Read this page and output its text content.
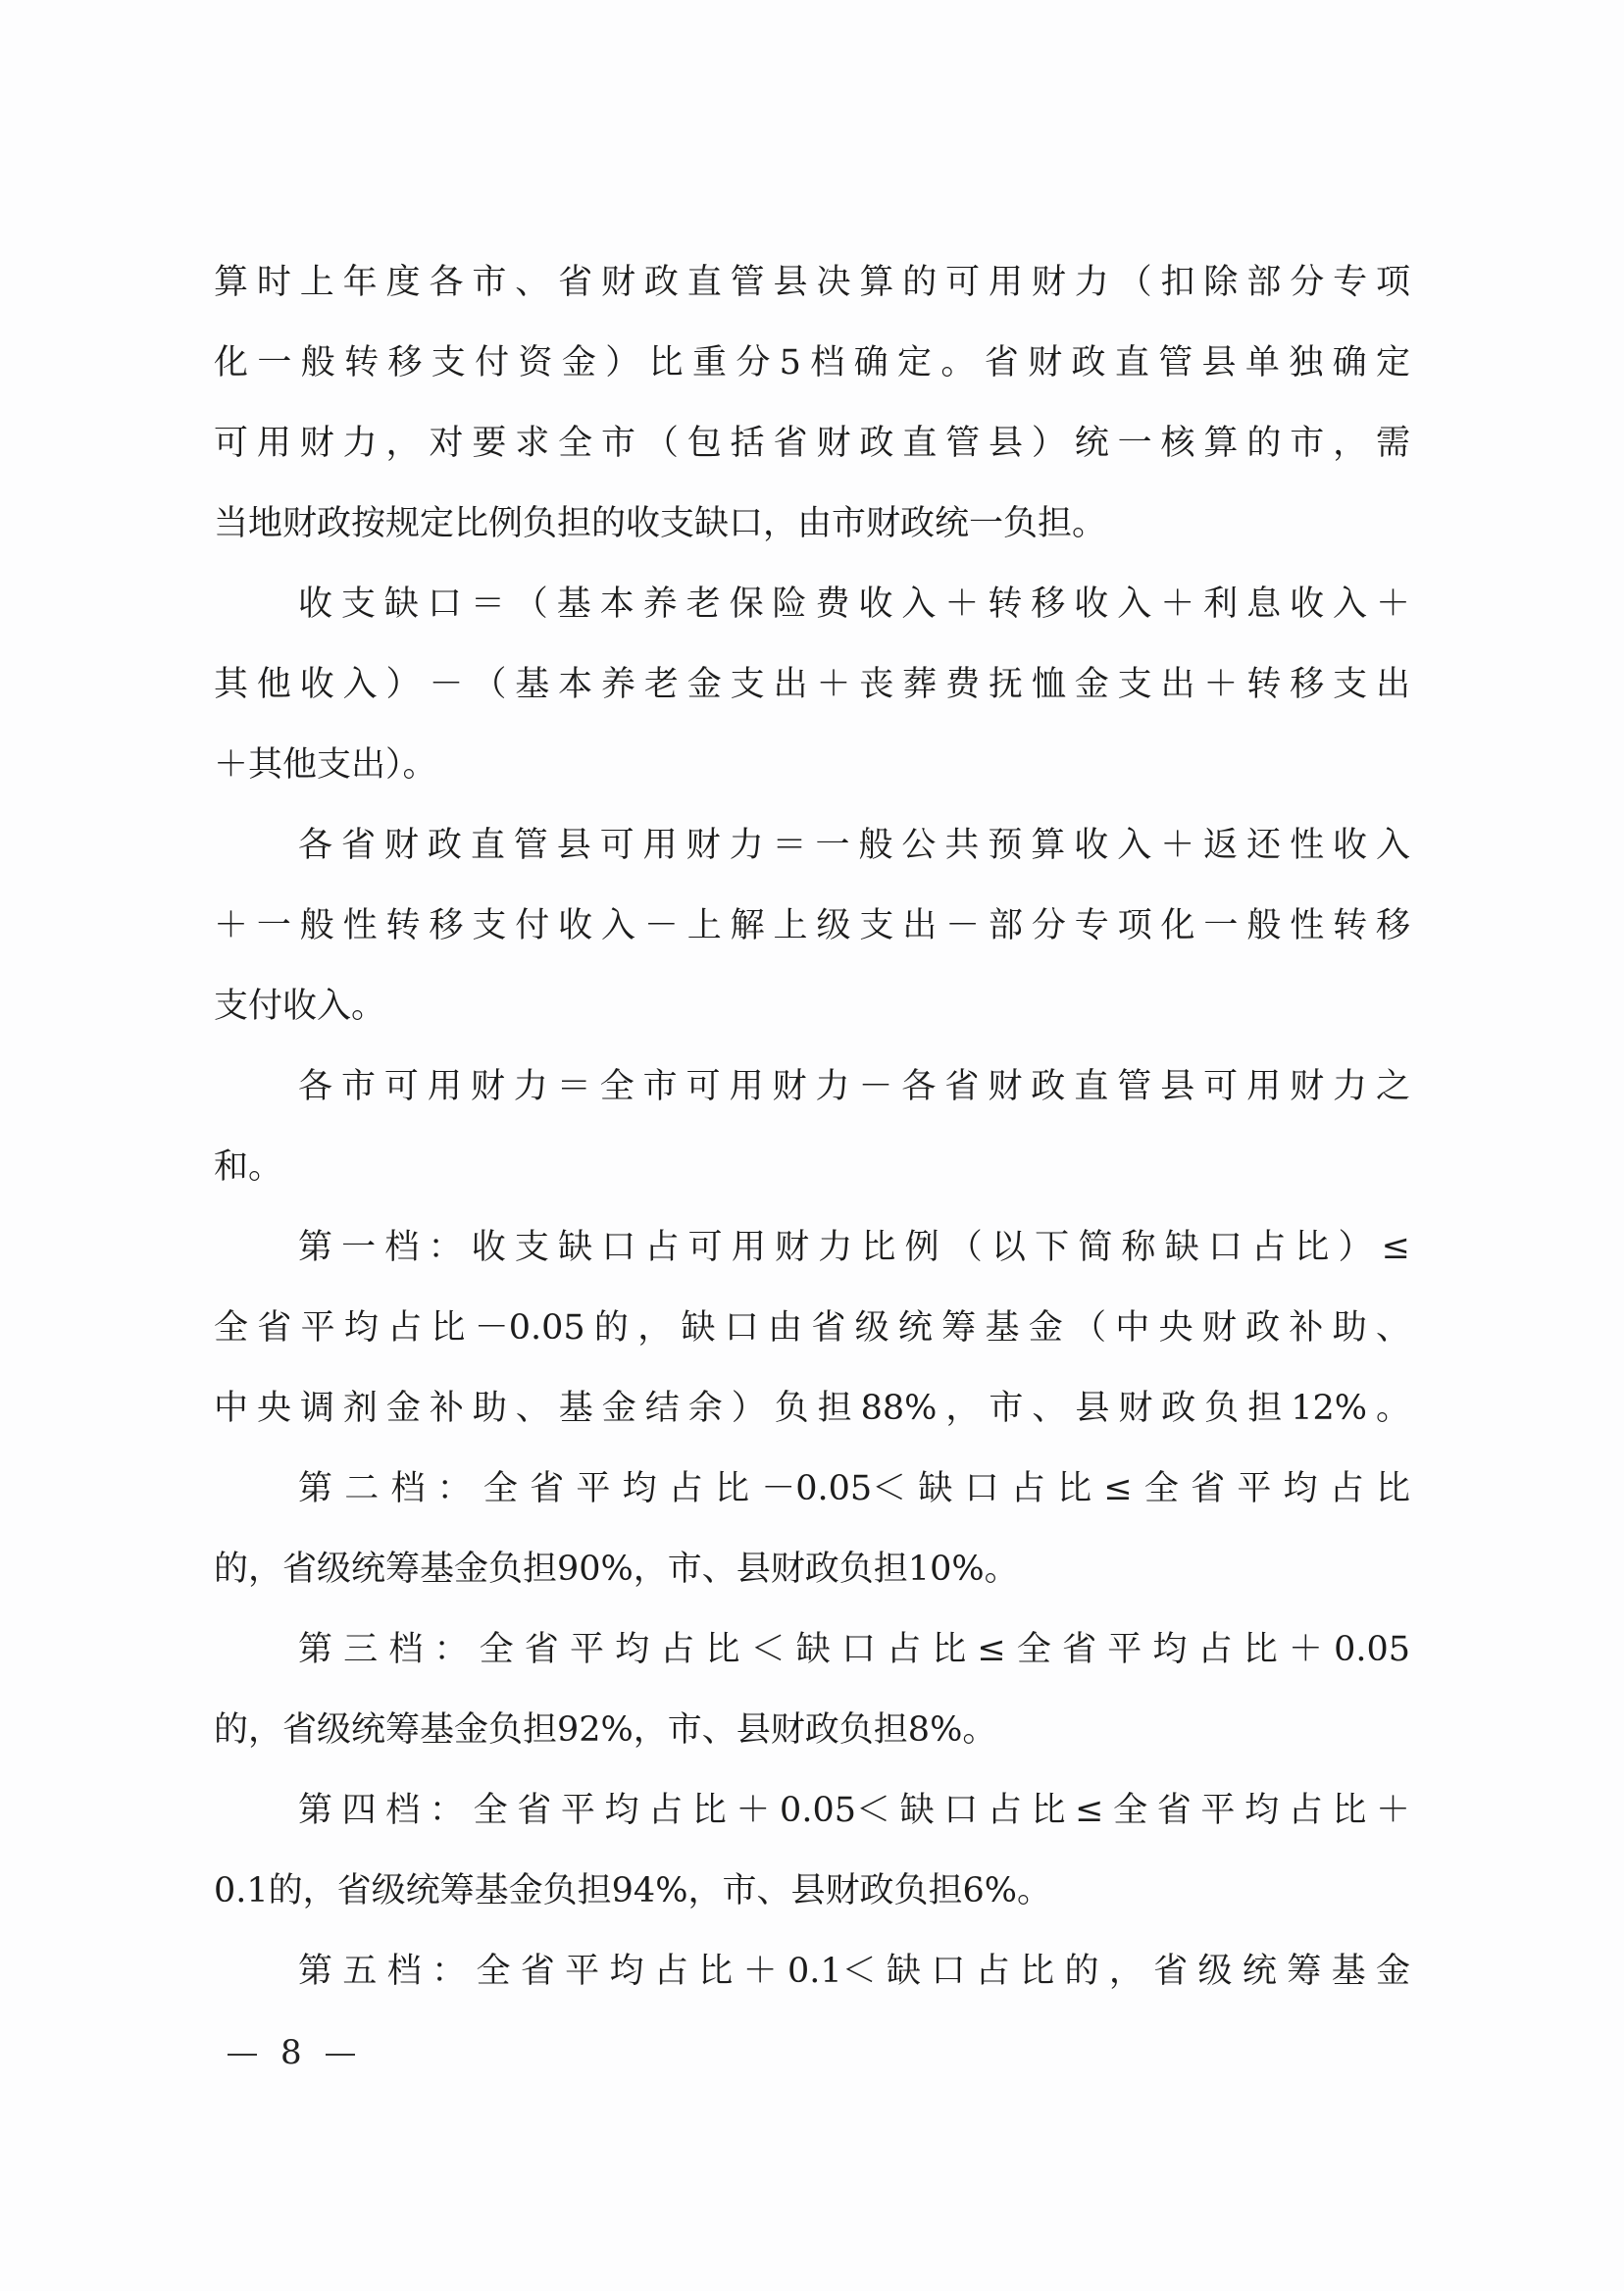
算时上年度各市、省财政直管县决算的可用财力（扣除部分专项
化一般转移支付资金）比重分5档确定。省财政直管县单独确定
可用财力，对要求全市（包括省财政直管县）统一核算的市，需
当地财政按规定比例负担的收支缺口，由市财政统一负担。
收支缺口＝（基本养老保险费收入＋转移收入＋利息收入＋
其他收入）－（基本养老金支出＋丧葬费抚恤金支出＋转移支出
＋其他支出）。
各省财政直管县可用财力＝一般公共预算收入＋返还性收入
＋一般性转移支付收入－上解上级支出－部分专项化一般性转移
支付收入。
各市可用财力＝全市可用财力－各省财政直管县可用财力之
和。
第一档：收支缺口占可用财力比例（以下简称缺口占比）≤
全省平均占比－0.05的，缺口由省级统筹基金（中央财政补助、
中央调剂金补助、基金结余）负担88%，市、县财政负担12%。
第二档：全省平均占比－0.05＜缺口占比≤全省平均占比
的，省级统筹基金负担90%，市、县财政负担10%。
第三档：全省平均占比＜缺口占比≤全省平均占比＋0.05
的，省级统筹基金负担92%，市、县财政负担8%。
第四档：全省平均占比＋0.05＜缺口占比≤全省平均占比＋
0.1的，省级统筹基金负担94%，市、县财政负担6%。
第五档：全省平均占比＋0.1＜缺口占比的，省级统筹基金
8
